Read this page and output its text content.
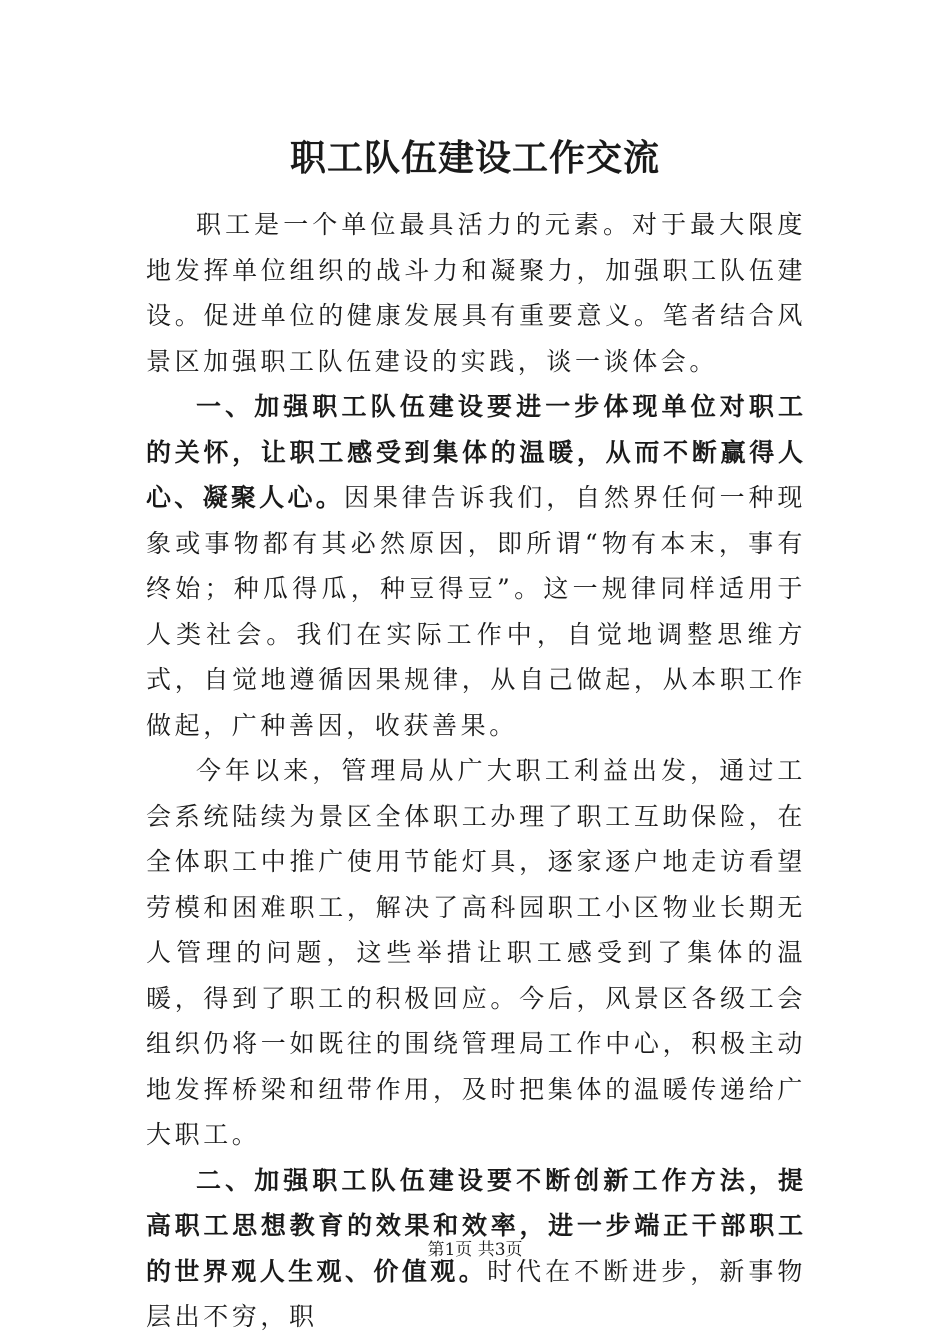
职工队伍建设工作交流

职工是一个单位最具活力的元素。对于最大限度地发挥单位组织的战斗力和凝聚力，加强职工队伍建设。促进单位的健康发展具有重要意义。笔者结合风景区加强职工队伍建设的实践，谈一谈体会。

一、加强职工队伍建设要进一步体现单位对职工的关怀，让职工感受到集体的温暖，从而不断赢得人心、凝聚人心。因果律告诉我们，自然界任何一种现象或事物都有其必然原因，即所谓“物有本末，事有终始；种瓜得瓜，种豆得豆”。这一规律同样适用于人类社会。我们在实际工作中，自觉地调整思维方式，自觉地遵循因果规律，从自己做起，从本职工作做起，广种善因，收获善果。

今年以来，管理局从广大职工利益出发，通过工会系统陆续为景区全体职工办理了职工互助保险，在全体职工中推广使用节能灯具，逐家逐户地走访看望劳模和困难职工，解决了高科园职工小区物业长期无人管理的问题，这些举措让职工感受到了集体的温暖，得到了职工的积极回应。今后，风景区各级工会组织仍将一如既往的围绕管理局工作中心，积极主动地发挥桥梁和纽带作用，及时把集体的温暖传递给广大职工。

二、加强职工队伍建设要不断创新工作方法，提高职工思想教育的效果和效率，进一步端正干部职工的世界观人生观、价值观。时代在不断进步，新事物层出不穷，职

第1页 共3页
